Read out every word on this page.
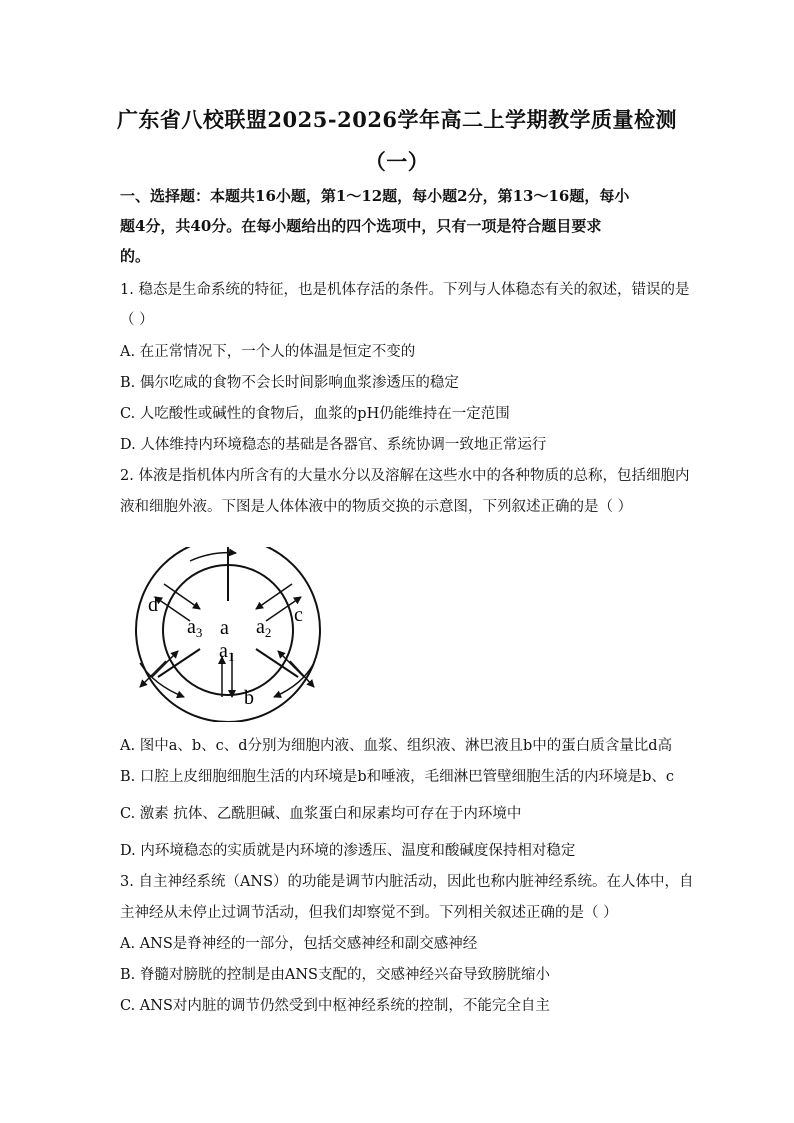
广东省八校联盟2025-2026学年高二上学期教学质量检测
（一）
一、选择题：本题共16小题，第1～12题，每小题2分，第13～16题，每小
题4分，共40分。在每小题给出的四个选项中，只有一项是符合题目要求
的。
1. 稳态是生命系统的特征，也是机体存活的条件。下列与人体稳态有关的叙述，错误的是
（ ）
A. 在正常情况下，一个人的体温是恒定不变的
B. 偶尔吃咸的食物不会长时间影响血浆渗透压的稳定
C. 人吃酸性或碱性的食物后，血浆的pH仍能维持在一定范围
D. 人体维持内环境稳态的基础是各器官、系统协调一致地正常运行
2. 体液是指机体内所含有的大量水分以及溶解在这些水中的各种物质的总称，包括细胞内
液和细胞外液。下图是人体体液中的物质交换的示意图，下列叙述正确的是（ ）
d	c
a
$a_3$	$a_2$
$a_1$
b
A. 图中a、b、c、d分别为细胞内液、血浆、组织液、淋巴液且b中的蛋白质含量比d高
B. 口腔上皮细胞细胞生活的内环境是b和唾液，毛细淋巴管壁细胞生活的内环境是b、c
C. 激素 抗体、乙酰胆碱、血浆蛋白和尿素均可存在于内环境中
D. 内环境稳态的实质就是内环境的渗透压、温度和酸碱度保持相对稳定
3. 自主神经系统（ANS）的功能是调节内脏活动，因此也称内脏神经系统。在人体中，自
主神经从未停止过调节活动，但我们却察觉不到。下列相关叙述正确的是（ ）
A. ANS是脊神经的一部分，包括交感神经和副交感神经
B. 脊髓对膀胱的控制是由ANS支配的，交感神经兴奋导致膀胱缩小
C. ANS对内脏的调节仍然受到中枢神经系统的控制，不能完全自主
